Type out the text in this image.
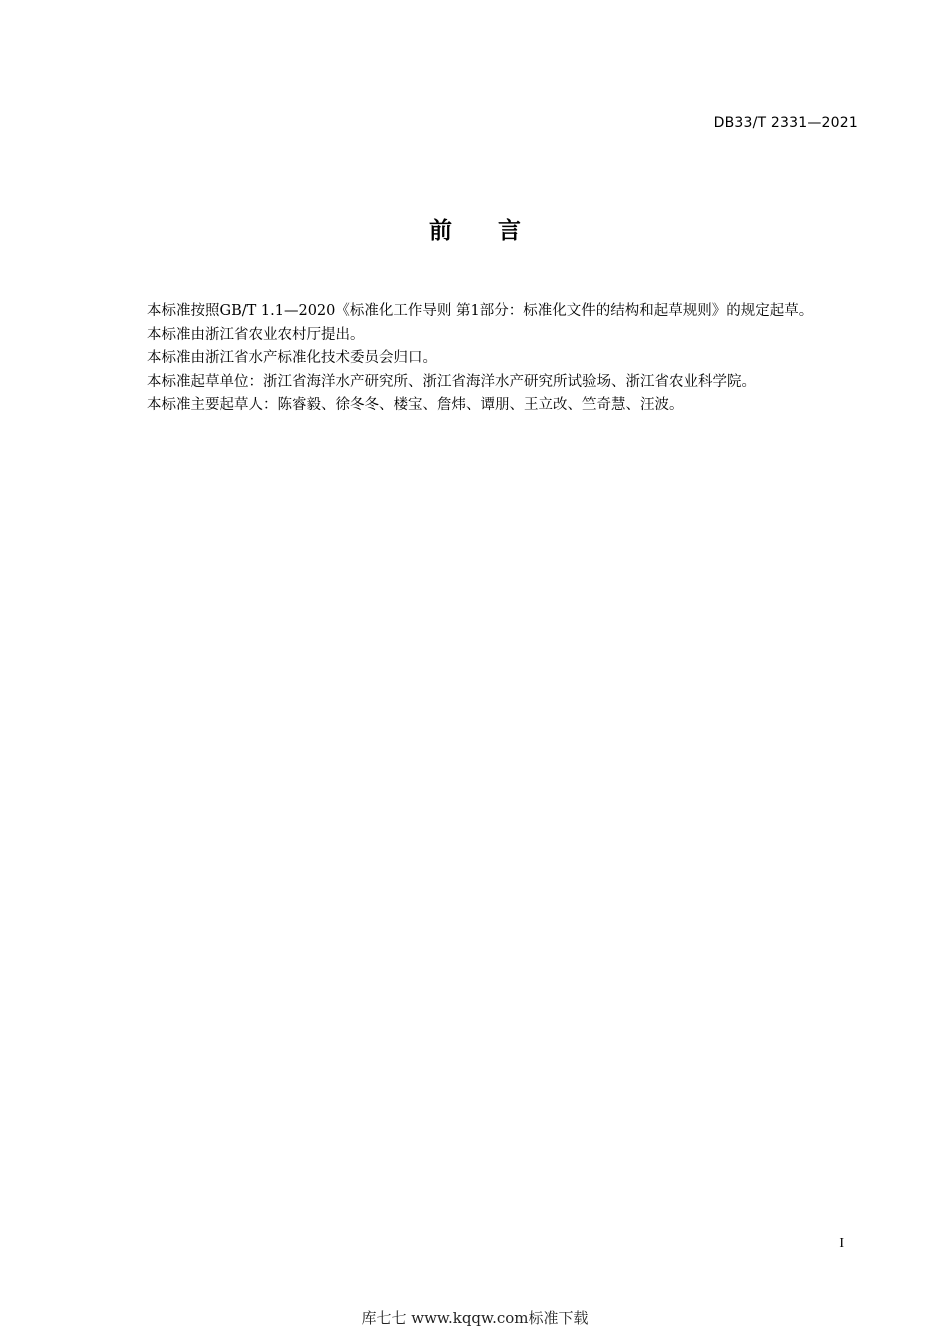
DB33/T 2331—2021
前言

本标准按照GB/T 1.1—2020《标准化工作导则 第1部分：标准化文件的结构和起草规则》的规定起草。

本标准由浙江省农业农村厅提出。

本标准由浙江省水产标准化技术委员会归口。

本标准起草单位：浙江省海洋水产研究所、浙江省海洋水产研究所试验场、浙江省农业科学院。

本标准主要起草人：陈睿毅、徐冬冬、楼宝、詹炜、谭朋、王立改、竺奇慧、汪波。

I
库七七 www.kqqw.com标准下载
